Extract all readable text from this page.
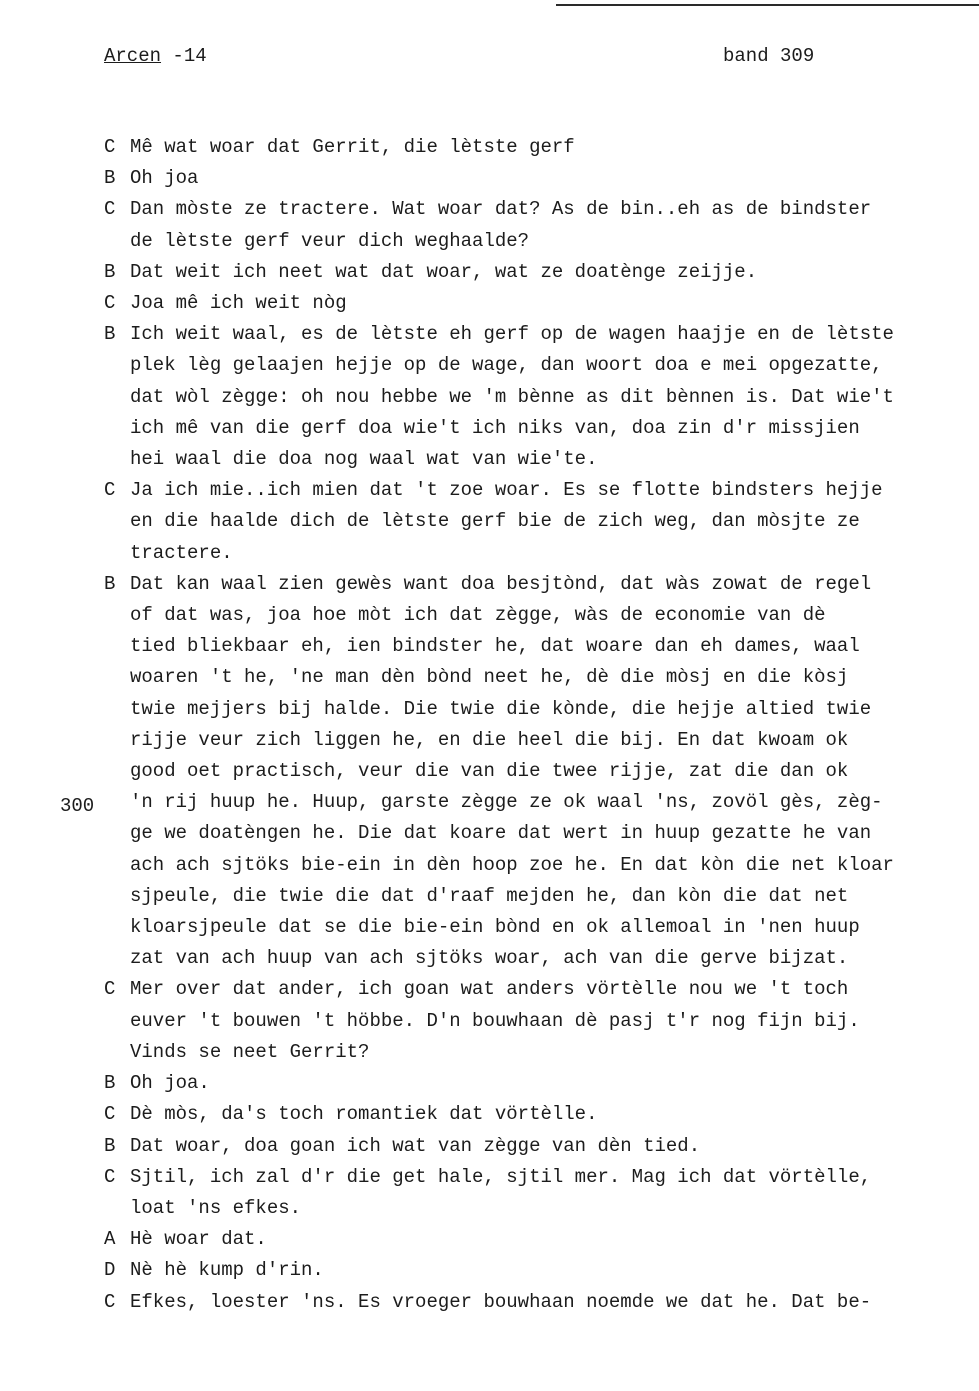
Arcen -14	band 309
300
C Mê wat woar dat Gerrit, die lètste gerf
B Oh joa
C Dan mòste ze tractere. Wat woar dat? As de bin..eh as de bindster
de lètste gerf veur dich weghaalde?
B Dat weit ich neet wat dat woar, wat ze doatènge zeijje.
C Joa mê ich weit nòg
B Ich weit waal, es de lètste eh gerf op de wagen haajje en de lètste
plek lèg gelaajen hejje op de wage, dan woort doa e mei opgezatte,
dat wòl zègge: oh nou hebbe we 'm bènne as dit bènnen is. Dat wie't
ich mê van die gerf doa wie't ich niks van, doa zin d'r missjien
hei waal die doa nog waal wat van wie'te.
C Ja ich mie..ich mien dat 't zoe woar. Es se flotte bindsters hejje
en die haalde dich de lètste gerf bie de zich weg, dan mòsjte ze
tractere.
B Dat kan waal zien gewès want doa besjtònd, dat wàs zowat de regel
of dat was, joa hoe mòt ich dat zègge, wàs de economie van dè
tied bliekbaar eh, ien bindster he, dat woare dan eh dames, waal
woaren 't he, 'ne man dèn bònd neet he, dè die mòsj en die kòsj
twie mejjers bij halde. Die twie die kònde, die hejje altied twie
rijje veur zich liggen he, en die heel die bij. En dat kwoam ok
good oet practisch, veur die van die twee rijje, zat die dan ok
'n rij huup he. Huup, garste zègge ze ok waal 'ns, zovöl gès, zèg-
ge we doatèngen he. Die dat koare dat wert in huup gezatte he van
ach ach sjtöks bie-ein in dèn hoop zoe he. En dat kòn die net kloar
sjpeule, die twie die dat d'raaf mejden he, dan kòn die dat net
kloarsjpeule dat se die bie-ein bònd en ok allemoal in 'nen huup
zat van ach huup van ach sjtöks woar, ach van die gerve bijzat.
C Mer over dat ander, ich goan wat anders vörtèlle nou we 't toch
euver 't bouwen 't höbbe. D'n bouwhaan dè pasj t'r nog fijn bij.
Vinds se neet Gerrit?
B Oh joa.
C Dè mòs, da's toch romantiek dat vörtèlle.
B Dat woar, doa goan ich wat van zègge van dèn tied.
C Sjtil, ich zal d'r die get hale, sjtil mer. Mag ich dat vörtèlle,
loat 'ns efkes.
A Hè woar dat.
D Nè hè kump d'rin.
C Efkes, loester 'ns. Es vroeger bouwhaan noemde we dat he. Dat be-
